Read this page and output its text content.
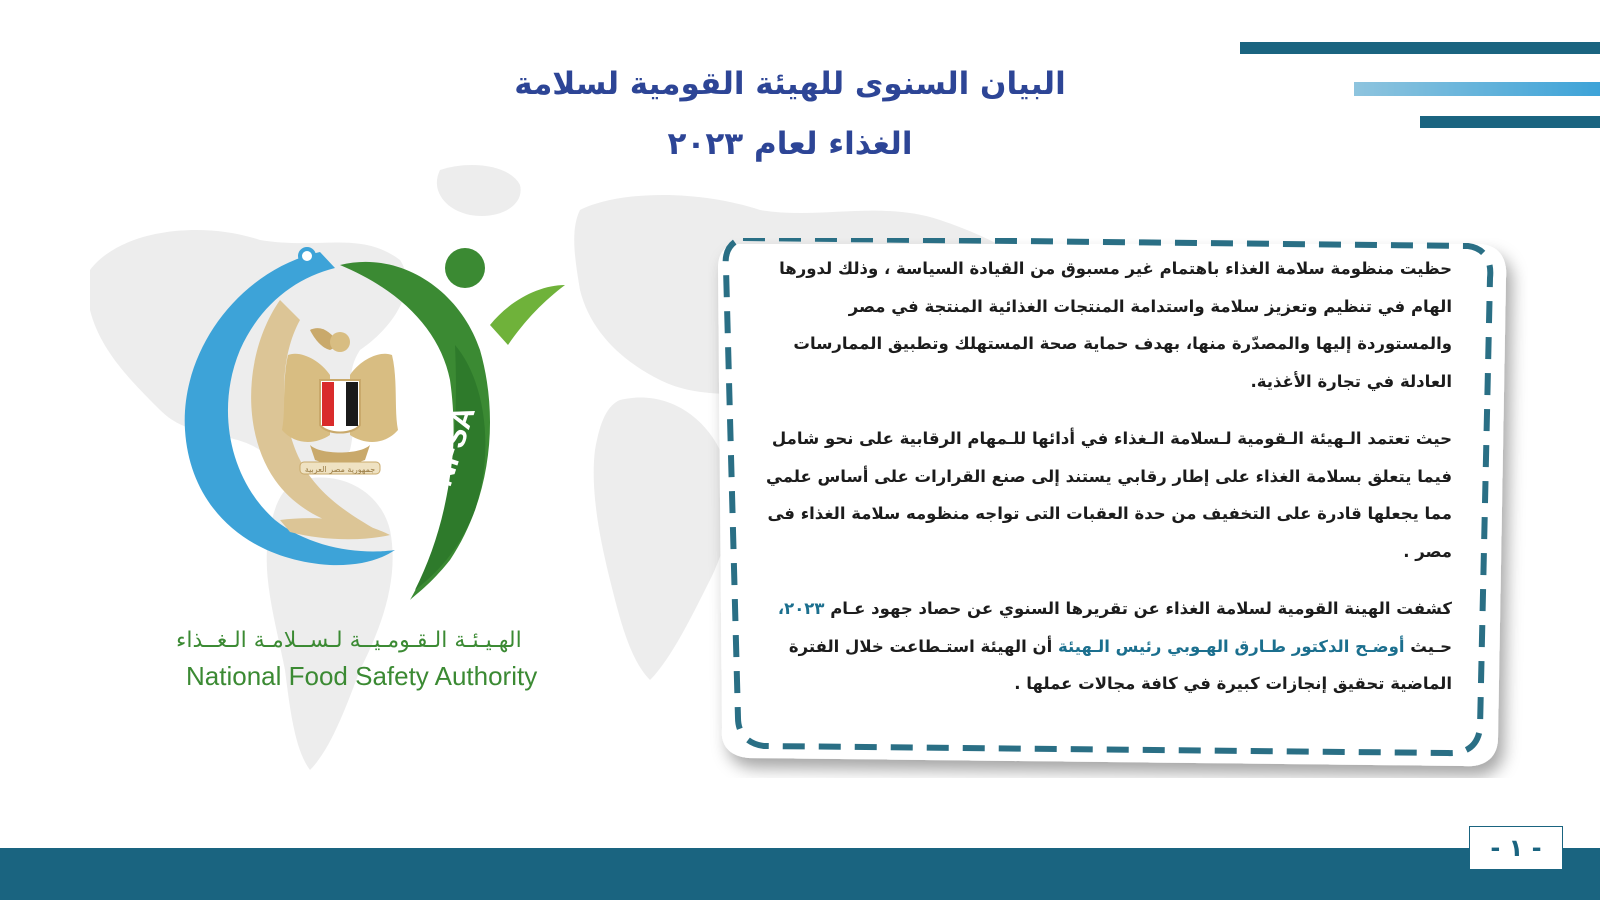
البيان السنوى للهيئة القومية لسلامة
الغذاء لعام ٢٠٢٣
NFSA
جمهورية مصر العربية
الهـيـئـة الـقـومـيــة لـســلامـة الـغــذاء
National Food Safety Authority

حظيت منظومة سلامة الغذاء باهتمام غير مسبوق من القيادة السياسة ، وذلك لدورها الهام في تنظيم وتعزيز سلامة واستدامة المنتجات الغذائية المنتجة في مصر والمستوردة إليها والمصدّرة منها، بهدف حماية صحة المستهلك وتطبيق الممارسات العادلة في تجارة الأغذية.

حيث تعتمد الـهيئة الـقومية لـسلامة الـغذاء في أدائها للـمهام الرقابية على نحو شامل فيما يتعلق بسلامة الغذاء على إطار رقابي يستند إلى صنع القرارات على أساس علمي مما يجعلها قادرة على التخفيف من حدة العقبات التى تواجه منظومه سلامة الغذاء فى مصر .

كشفت الهينة القومية لسلامة الغذاء عن تقريرها السنوي عن حصاد جهود عـام ٢٠٢٣، حـيث أوضـح الدكتور طـارق الهـوبي رئيس الـهيئة أن الهيئة استـطاعت خلال الفترة الماضية تحقيق إنجازات كبيرة في كافة مجالات عملها .

- ١ -
